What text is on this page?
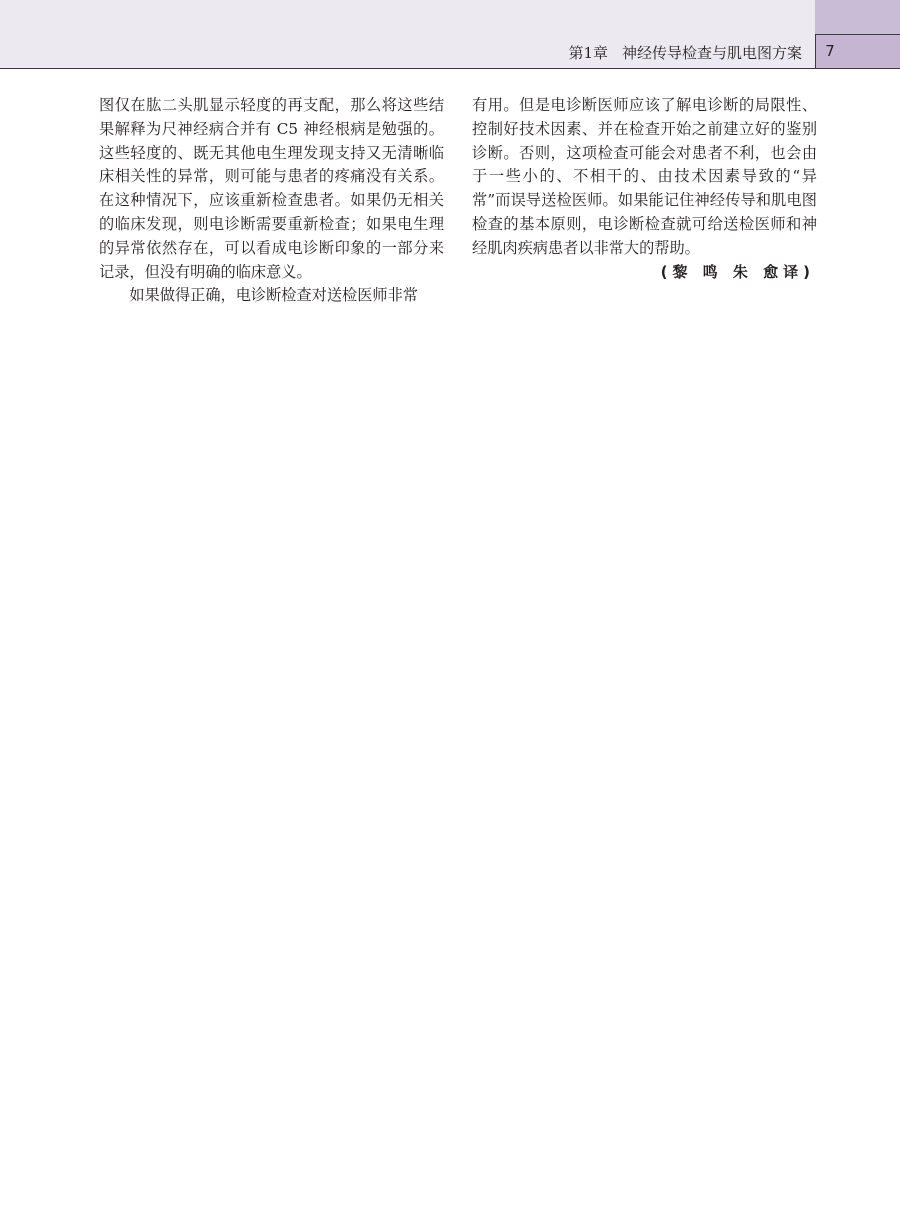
7
第1章 神经传导检查与肌电图方案

图仅在肱二头肌显示轻度的再支配，那么将这些结果解释为尺神经病合并有 C5 神经根病是勉强的。这些轻度的、既无其他电生理发现支持又无清晰临床相关性的异常，则可能与患者的疼痛没有关系。在这种情况下，应该重新检查患者。如果仍无相关的临床发现，则电诊断需要重新检查；如果电生理的异常依然存在，可以看成电诊断印象的一部分来记录，但没有明确的临床意义。

如果做得正确，电诊断检查对送检医师非常

有用。但是电诊断医师应该了解电诊断的局限性、控制好技术因素、并在检查开始之前建立好的鉴别诊断。否则，这项检查可能会对患者不利，也会由于一些小的、不相干的、由技术因素导致的“异常”而误导送检医师。如果能记住神经传导和肌电图检查的基本原则，电诊断检查就可给送检医师和神经肌肉疾病患者以非常大的帮助。

(黎 鸣 朱 愈译)
